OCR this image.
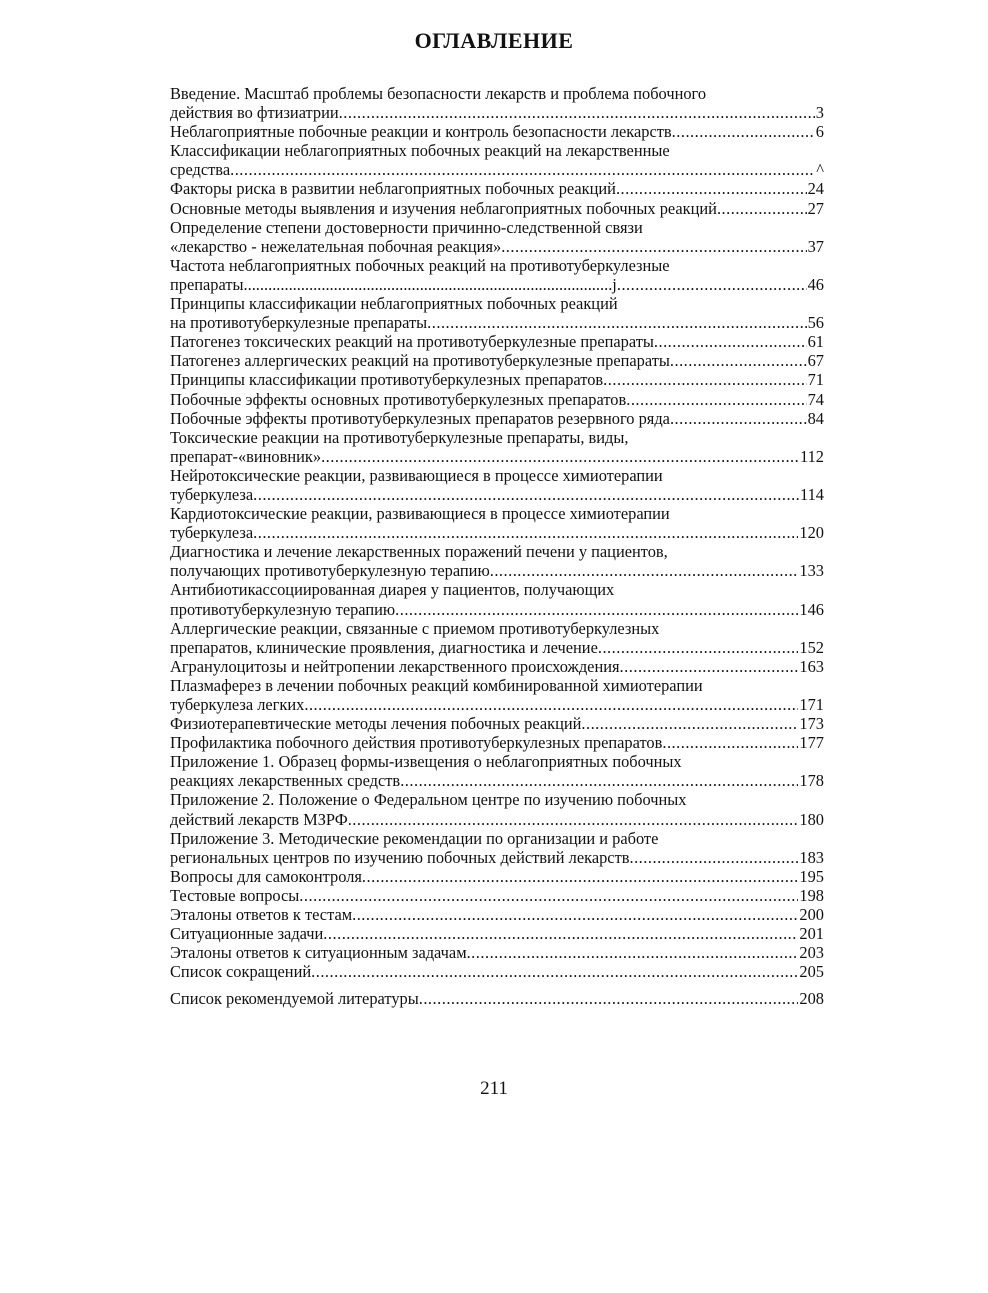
ОГЛАВЛЕНИЕ
Введение. Масштаб проблемы безопасности лекарств и проблема побочного
действия во фтизиатрии .....	3
Неблагоприятные побочные реакции и контроль безопасности лекарств .....	6
Классификации неблагоприятных побочных реакций на лекарственные
средства .....	^
Факторы риска в развитии неблагоприятных побочных реакций .....	24
Основные методы выявления и изучения неблагоприятных побочных реакций .....	27
Определение степени достоверности причинно-следственной связи
«лекарство - нежелательная побочная реакция» .....	37
Частота неблагоприятных побочных реакций на противотуберкулезные
препараты..........................................................................................j .....	46
Принципы классификации неблагоприятных побочных реакций
на противотуберкулезные препараты .....	56
Патогенез токсических реакций на противотуберкулезные препараты .....	61
Патогенез аллергических реакций на противотуберкулезные препараты .....	67
Принципы классификации противотуберкулезных препаратов .....	71
Побочные эффекты основных противотуберкулезных препаратов .....	74
Побочные эффекты противотуберкулезных препаратов резервного ряда .....	84
Токсические реакции на противотуберкулезные препараты, виды,
препарат-«виновник» .....	112
Нейротоксические реакции, развивающиеся в процессе химиотерапии
туберкулеза .....	114
Кардиотоксические реакции, развивающиеся в процессе химиотерапии
туберкулеза .....	120
Диагностика и лечение лекарственных поражений печени у пациентов,
получающих противотуберкулезную терапию .....	133
Антибиотикассоциированная диарея у пациентов, получающих
противотуберкулезную терапию .....	146
Аллергические реакции, связанные с приемом противотуберкулезных
препаратов, клинические проявления, диагностика и лечение .....	152
Агранулоцитозы и нейтропении лекарственного происхождения .....	163
Плазмаферез в лечении побочных реакций комбинированной химиотерапии
туберкулеза легких .....	171
Физиотерапевтические методы лечения побочных реакций .....	173
Профилактика побочного действия противотуберкулезных препаратов .....	177
Приложение 1. Образец формы-извещения о неблагоприятных побочных
реакциях лекарственных средств .....	178
Приложение 2. Положение о Федеральном центре по изучению побочных
действий лекарств МЗРФ .....	180
Приложение 3. Методические рекомендации по организации и работе
региональных центров по изучению побочных действий лекарств .....	183
Вопросы для самоконтроля .....	195
Тестовые вопросы .....	198
Эталоны ответов к тестам .....	200
Ситуационные задачи .....	201
Эталоны ответов к ситуационным задачам .....	203
Список сокращений .....	205
Список рекомендуемой литературы .....	208
211
